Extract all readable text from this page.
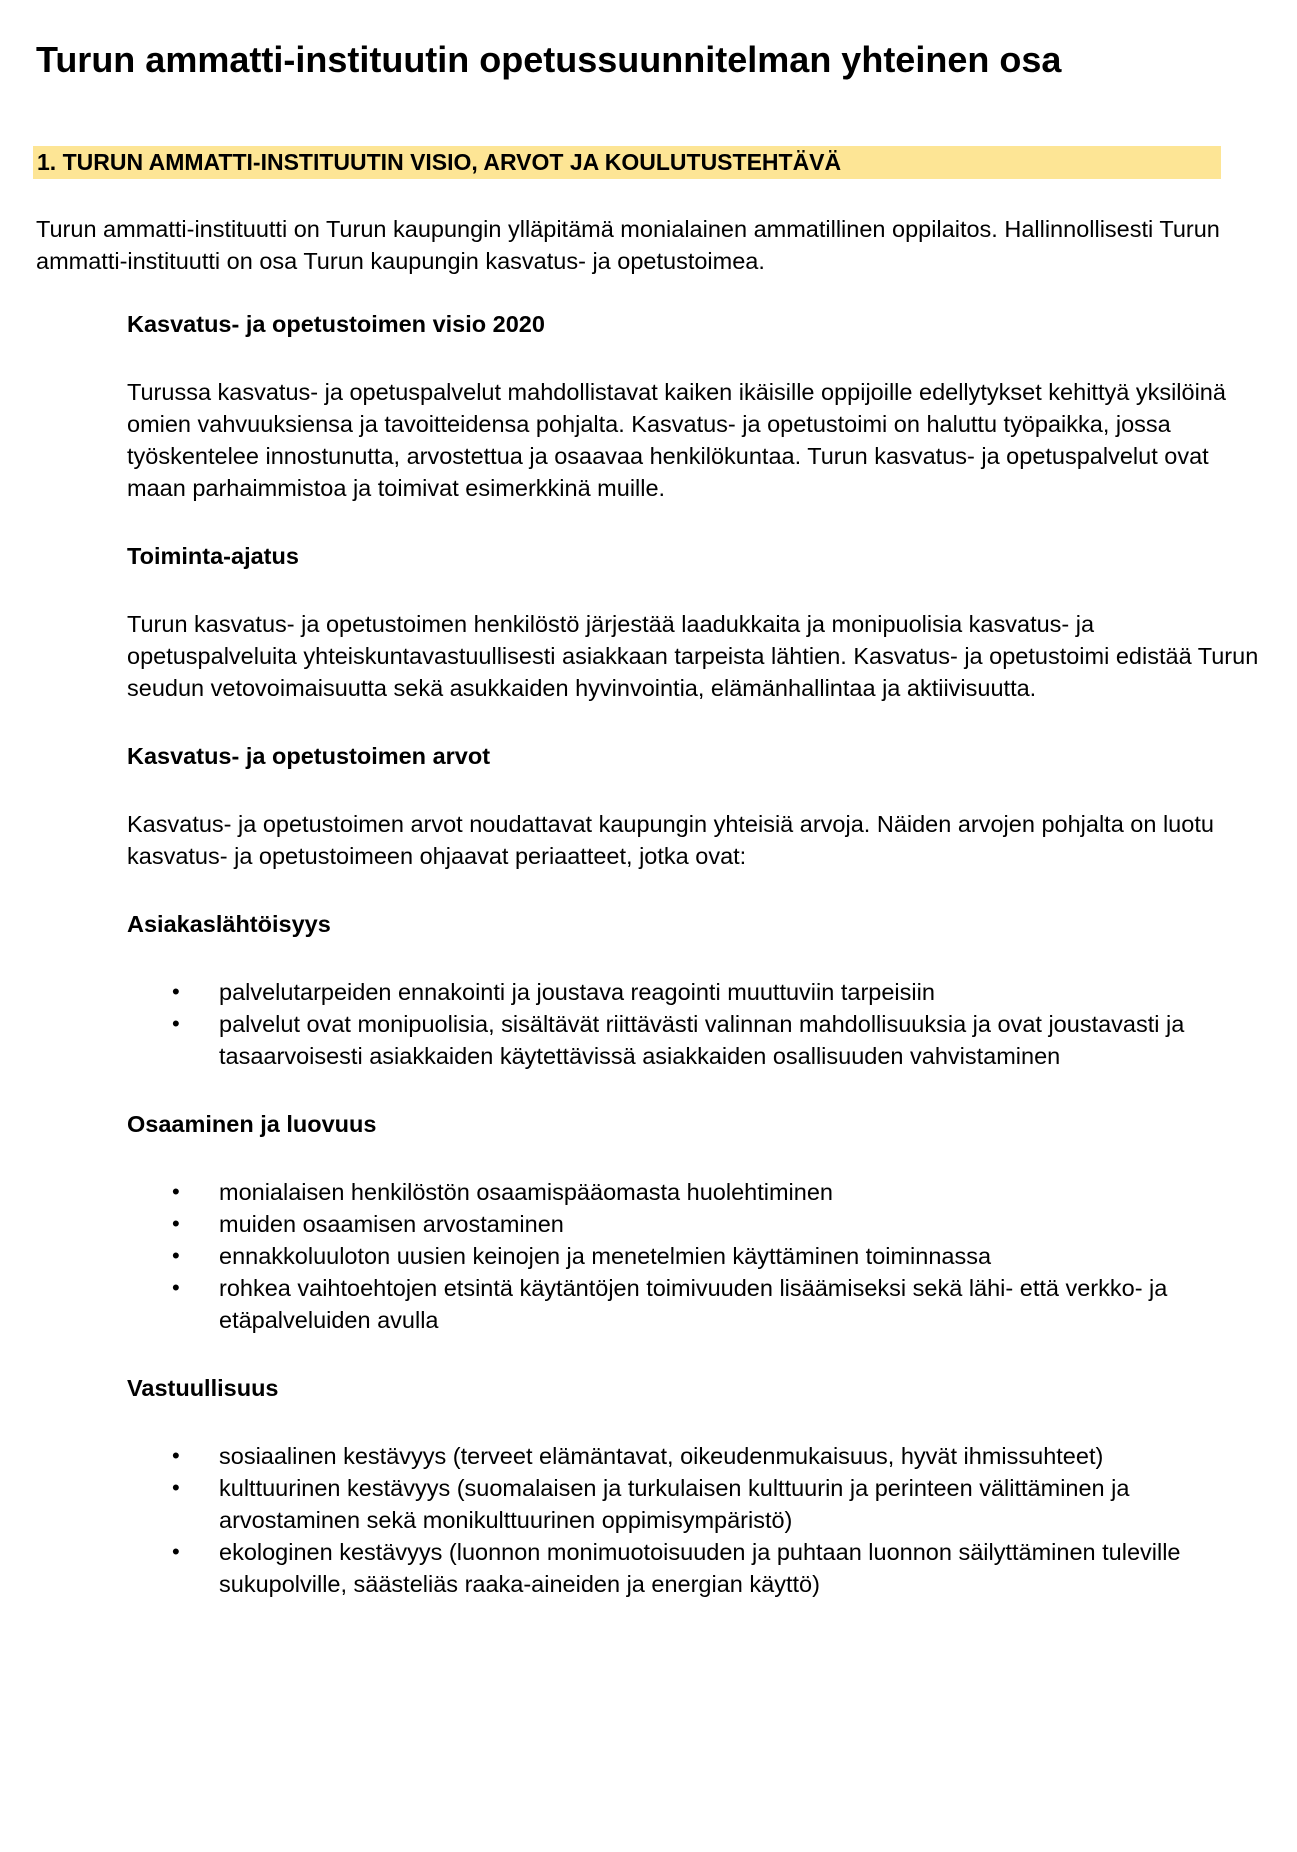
Turun ammatti-instituutin opetussuunnitelman yhteinen osa
1. TURUN AMMATTI-INSTITUUTIN VISIO, ARVOT JA KOULUTUSTEHTÄVÄ

Turun ammatti-instituutti on Turun kaupungin ylläpitämä monialainen ammatillinen oppilaitos. Hallinnollisesti Turun ammatti-instituutti on osa Turun kaupungin kasvatus- ja opetustoimea.

Kasvatus- ja opetustoimen visio 2020

Turussa kasvatus- ja opetuspalvelut mahdollistavat kaiken ikäisille oppijoille edellytykset kehittyä yksilöinä omien vahvuuksiensa ja tavoitteidensa pohjalta. Kasvatus- ja opetustoimi on haluttu työpaikka, jossa työskentelee innostunutta, arvostettua ja osaavaa henkilökuntaa. Turun kasvatus- ja opetuspalvelut ovat maan parhaimmistoa ja toimivat esimerkkinä muille.

Toiminta-ajatus

Turun kasvatus- ja opetustoimen henkilöstö järjestää laadukkaita ja monipuolisia kasvatus- ja opetuspalveluita yhteiskuntavastuullisesti asiakkaan tarpeista lähtien. Kasvatus- ja opetustoimi edistää Turun seudun vetovoimaisuutta sekä asukkaiden hyvinvointia, elämänhallintaa ja aktiivisuutta.

Kasvatus- ja opetustoimen arvot

Kasvatus- ja opetustoimen arvot noudattavat kaupungin yhteisiä arvoja. Näiden arvojen pohjalta on luotu kasvatus- ja opetustoimeen ohjaavat periaatteet, jotka ovat:

Asiakaslähtöisyys
• palvelutarpeiden ennakointi ja joustava reagointi muuttuviin tarpeisiin
• palvelut ovat monipuolisia, sisältävät riittävästi valinnan mahdollisuuksia ja ovat joustavasti ja tasaarvoisesti asiakkaiden käytettävissä asiakkaiden osallisuuden vahvistaminen
Osaaminen ja luovuus
• monialaisen henkilöstön osaamispääomasta huolehtiminen
• muiden osaamisen arvostaminen
• ennakkoluuloton uusien keinojen ja menetelmien käyttäminen toiminnassa
• rohkea vaihtoehtojen etsintä käytäntöjen toimivuuden lisäämiseksi sekä lähi- että verkko- ja etäpalveluiden avulla
Vastuullisuus
• sosiaalinen kestävyys (terveet elämäntavat, oikeudenmukaisuus, hyvät ihmissuhteet)
• kulttuurinen kestävyys (suomalaisen ja turkulaisen kulttuurin ja perinteen välittäminen ja arvostaminen sekä monikulttuurinen oppimisympäristö)
• ekologinen kestävyys (luonnon monimuotoisuuden ja puhtaan luonnon säilyttäminen tuleville sukupolville, säästeliäs raaka-aineiden ja energian käyttö)
